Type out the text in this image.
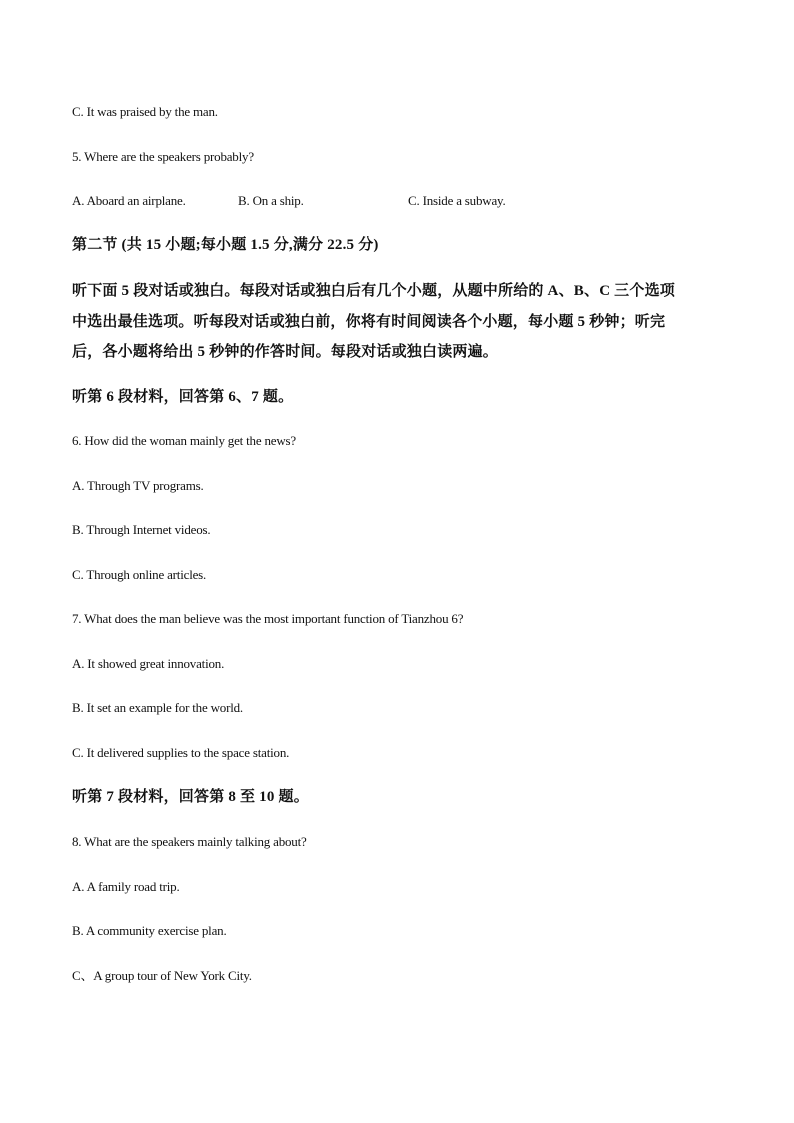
C. It was praised by the man.
5. Where are the speakers probably?
A. Aboard an airplane.	B. On a ship.	C. Inside a subway.
第二节 (共 15 小题;每小题 1.5 分,满分 22.5 分)
听下面 5 段对话或独白。每段对话或独白后有几个小题，从题中所给的 A、B、C 三个选项
中选出最佳选项。听每段对话或独白前，你将有时间阅读各个小题，每小题 5 秒钟；听完
后，各小题将给出 5 秒钟的作答时间。每段对话或独白读两遍。
听第 6 段材料，回答第 6、7 题。
6. How did the woman mainly get the news?
A. Through TV programs.
B. Through Internet videos.
C. Through online articles.
7. What does the man believe was the most important function of Tianzhou 6?
A. It showed great innovation.
B. It set an example for the world.
C. It delivered supplies to the space station.
听第 7 段材料，回答第 8 至 10 题。
8. What are the speakers mainly talking about?
A. A family road trip.
B. A community exercise plan.
C、A group tour of New York City.
